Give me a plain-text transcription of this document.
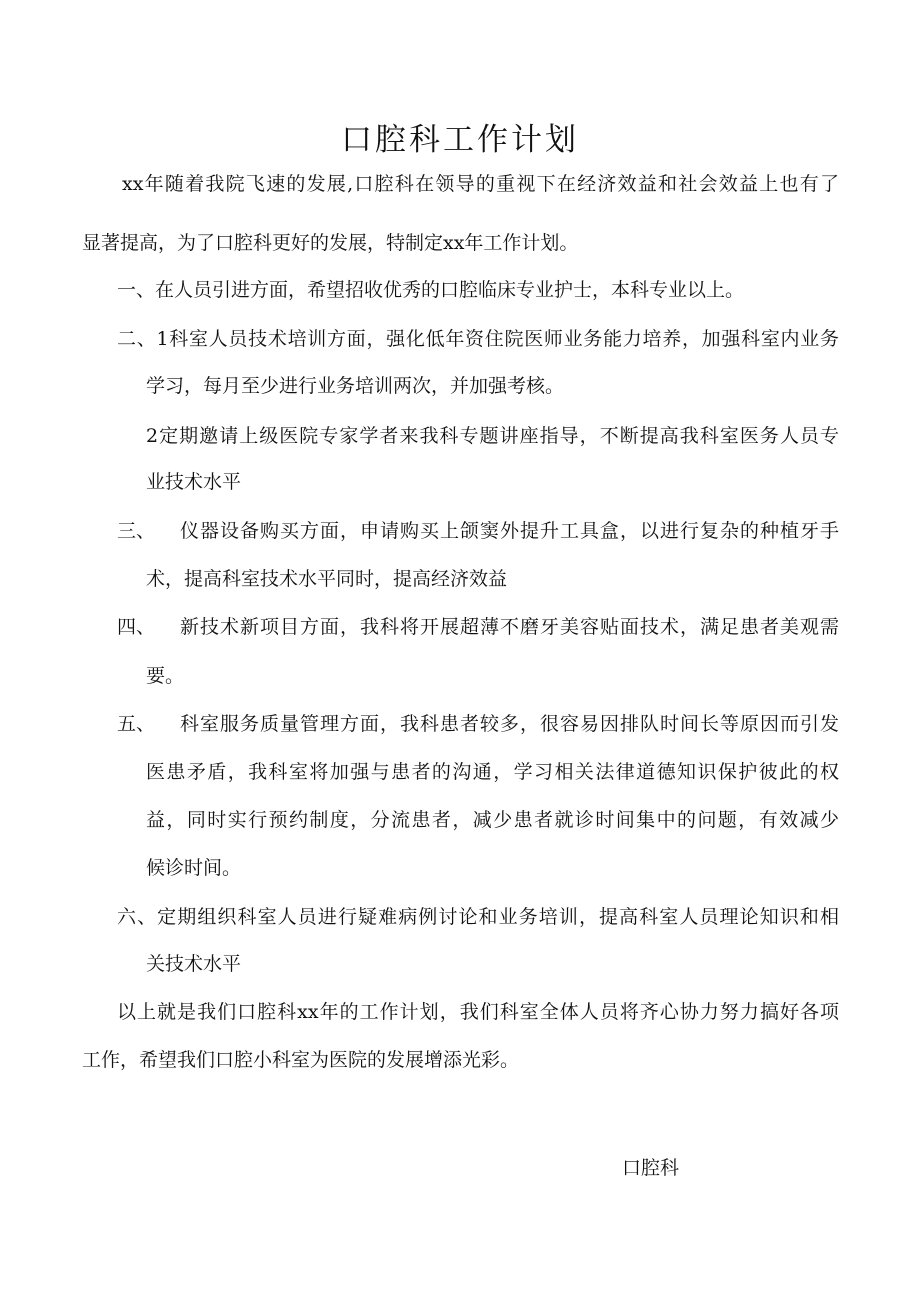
口腔科工作计划
xx年随着我院飞速的发展,口腔科在领导的重视下在经济效益和社会效益上也有了
显著提高，为了口腔科更好的发展，特制定xx年工作计划。
一、在人员引进方面，希望招收优秀的口腔临床专业护士，本科专业以上。
二、1科室人员技术培训方面，强化低年资住院医师业务能力培养，加强科室内业务
学习，每月至少进行业务培训两次，并加强考核。
2定期邀请上级医院专家学者来我科专题讲座指导，不断提高我科室医务人员专
业技术水平
三、 仪器设备购买方面，申请购买上颌窦外提升工具盒，以进行复杂的种植牙手
术，提高科室技术水平同时，提高经济效益
四、 新技术新项目方面，我科将开展超薄不磨牙美容贴面技术，满足患者美观需
要。
五、 科室服务质量管理方面，我科患者较多，很容易因排队时间长等原因而引发
医患矛盾，我科室将加强与患者的沟通，学习相关法律道德知识保护彼此的权
益，同时实行预约制度，分流患者，减少患者就诊时间集中的问题，有效减少
候诊时间。
六、定期组织科室人员进行疑难病例讨论和业务培训，提高科室人员理论知识和相
关技术水平
以上就是我们口腔科xx年的工作计划，我们科室全体人员将齐心协力努力搞好各项
工作，希望我们口腔小科室为医院的发展增添光彩。
口腔科
